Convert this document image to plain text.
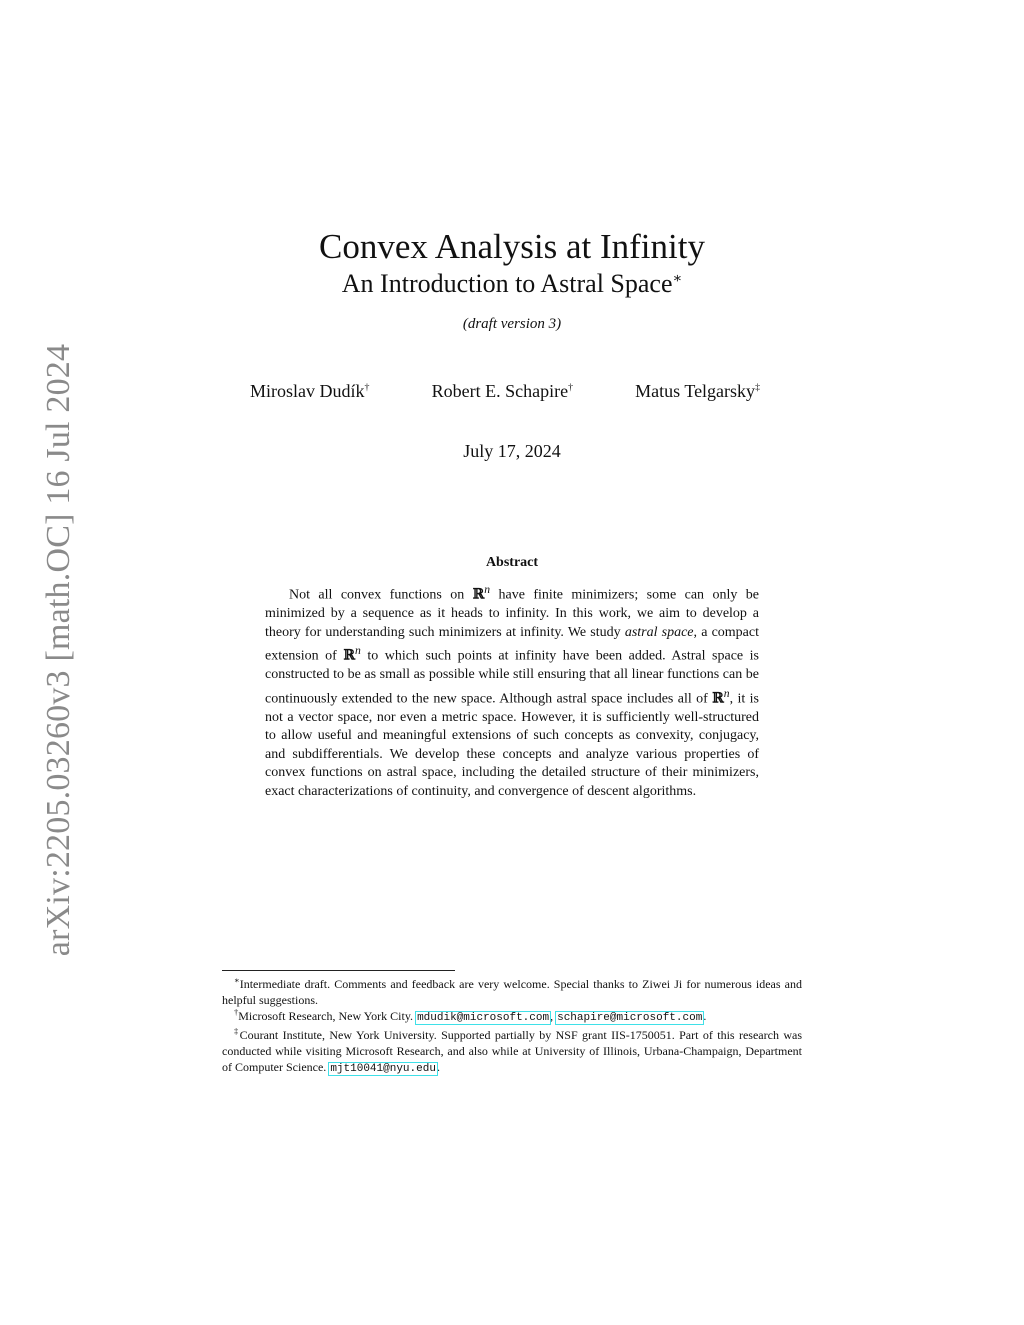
arXiv:2205.03260v3 [math.OC] 16 Jul 2024
Convex Analysis at Infinity
An Introduction to Astral Space∗
(draft version 3)
Miroslav Dudík†	Robert E. Schapire†	Matus Telgarsky‡
July 17, 2024
Abstract

Not all convex functions on ℝ$^n$ have finite minimizers; some can only be minimized by a sequence as it heads to infinity. In this work, we aim to develop a theory for understanding such minimizers at infinity. We study astral space, a compact extension of ℝ$^n$ to which such points at infinity have been added. Astral space is constructed to be as small as possible while still ensuring that all linear functions can be continuously extended to the new space. Although astral space includes all of ℝ$^n$, it is not a vector space, nor even a metric space. However, it is sufficiently well-structured to allow useful and meaningful extensions of such concepts as convexity, conjugacy, and subdifferentials. We develop these concepts and analyze various properties of convex functions on astral space, including the detailed structure of their minimizers, exact characterizations of continuity, and convergence of descent algorithms.

∗Intermediate draft. Comments and feedback are very welcome. Special thanks to Ziwei Ji for numerous ideas and helpful suggestions.

†Microsoft Research, New York City. mdudik@microsoft.com, schapire@microsoft.com.

‡Courant Institute, New York University. Supported partially by NSF grant IIS-1750051. Part of this research was conducted while visiting Microsoft Research, and also while at University of Illinois, Urbana-Champaign, Department of Computer Science. mjt10041@nyu.edu.
